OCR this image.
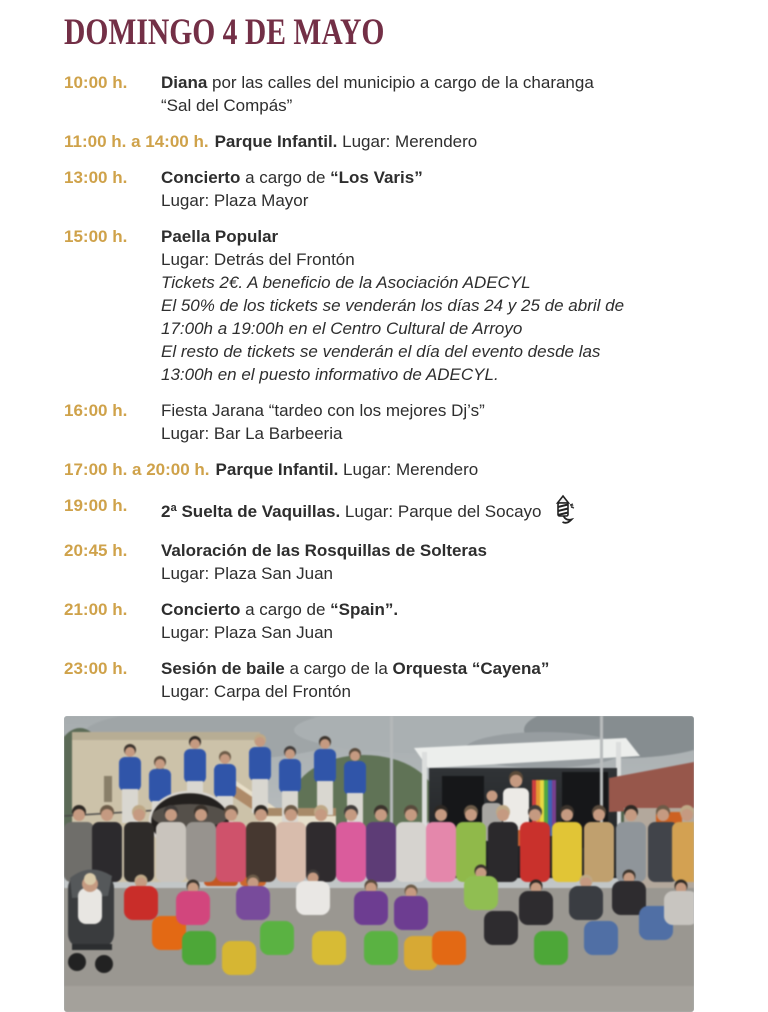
DOMINGO 4 DE MAYO
10:00 h.	Diana por las calles del municipio a cargo de la charanga
“Sal del Compás”
11:00 h. a 14:00 h. Parque Infantil. Lugar: Merendero
13:00 h.	Concierto a cargo de “Los Varis”
Lugar: Plaza Mayor
15:00 h.	Paella Popular
Lugar: Detrás del Frontón
Tickets 2€. A beneficio de la Asociación ADECYL
El 50% de los tickets se venderán los días 24 y 25 de abril de
17:00h a 19:00h en el Centro Cultural de Arroyo
El resto de tickets se venderán el día del evento desde las
13:00h en el puesto informativo de ADECYL.
16:00 h.	Fiesta Jarana “tardeo con los mejores Dj’s”
Lugar: Bar La Barbeeria
17:00 h. a 20:00 h. Parque Infantil. Lugar: Merendero
19:00 h.	2ª Suelta de Vaquillas. Lugar: Parque del Socayo
20:45 h.	Valoración de las Rosquillas de Solteras
Lugar: Plaza San Juan
21:00 h.	Concierto a cargo de “Spain”.
Lugar: Plaza San Juan
23:00 h.	Sesión de baile a cargo de la Orquesta “Cayena”
Lugar: Carpa del Frontón
